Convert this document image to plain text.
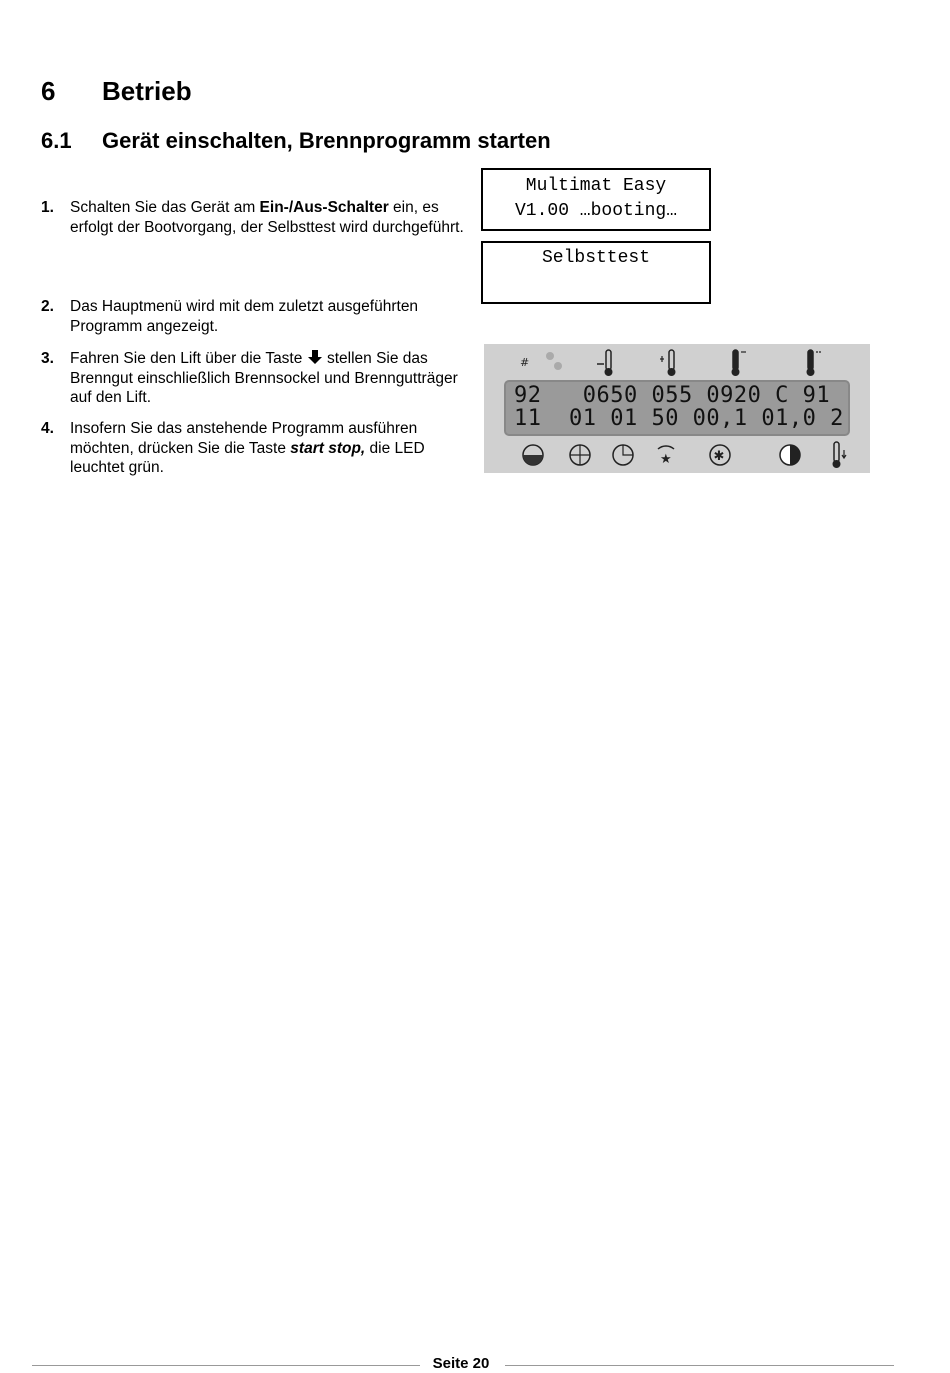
6 Betrieb
6.1 Gerät einschalten, Brennprogramm starten
1. Schalten Sie das Gerät am Ein-/Aus-Schalter ein, es erfolgt der Bootvorgang, der Selbsttest wird durchgeführt.
2. Das Hauptmenü wird mit dem zuletzt ausgeführten Programm angezeigt.
3. Fahren Sie den Lift über die Taste  stellen Sie das Brenngut einschließlich Brennsockel und Brenngutträger auf den Lift.
4. Insofern Sie das anstehende Programm ausführen möchten, drücken Sie die Taste start stop, die LED leuchtet grün.
Multimat Easy
V1.00 …booting…
Selbsttest
#
92   0650 055 0920 C 91
11  01 01 50 00,1 01,0 2
★	✱
Seite 20
